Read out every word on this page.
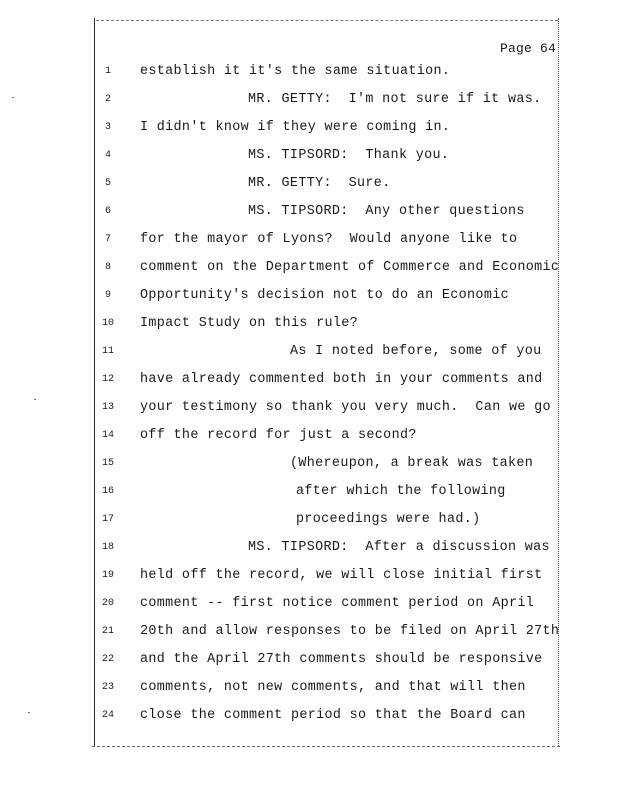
Page 64
1	establish it it's the same situation.
2	MR. GETTY:  I'm not sure if it was.
3	I didn't know if they were coming in.
4	MS. TIPSORD:  Thank you.
5	MR. GETTY:  Sure.
6	MS. TIPSORD:  Any other questions
7	for the mayor of Lyons?  Would anyone like to
8	comment on the Department of Commerce and Economic
9	Opportunity's decision not to do an Economic
10	Impact Study on this rule?
11	As I noted before, some of you
12	have already commented both in your comments and
13	your testimony so thank you very much.  Can we go
14	off the record for just a second?
15	(Whereupon, a break was taken
16	after which the following
17	proceedings were had.)
18	MS. TIPSORD:  After a discussion was
19	held off the record, we will close initial first
20	comment -- first notice comment period on April
21	20th and allow responses to be filed on April 27th
22	and the April 27th comments should be responsive
23	comments, not new comments, and that will then
24	close the comment period so that the Board can
